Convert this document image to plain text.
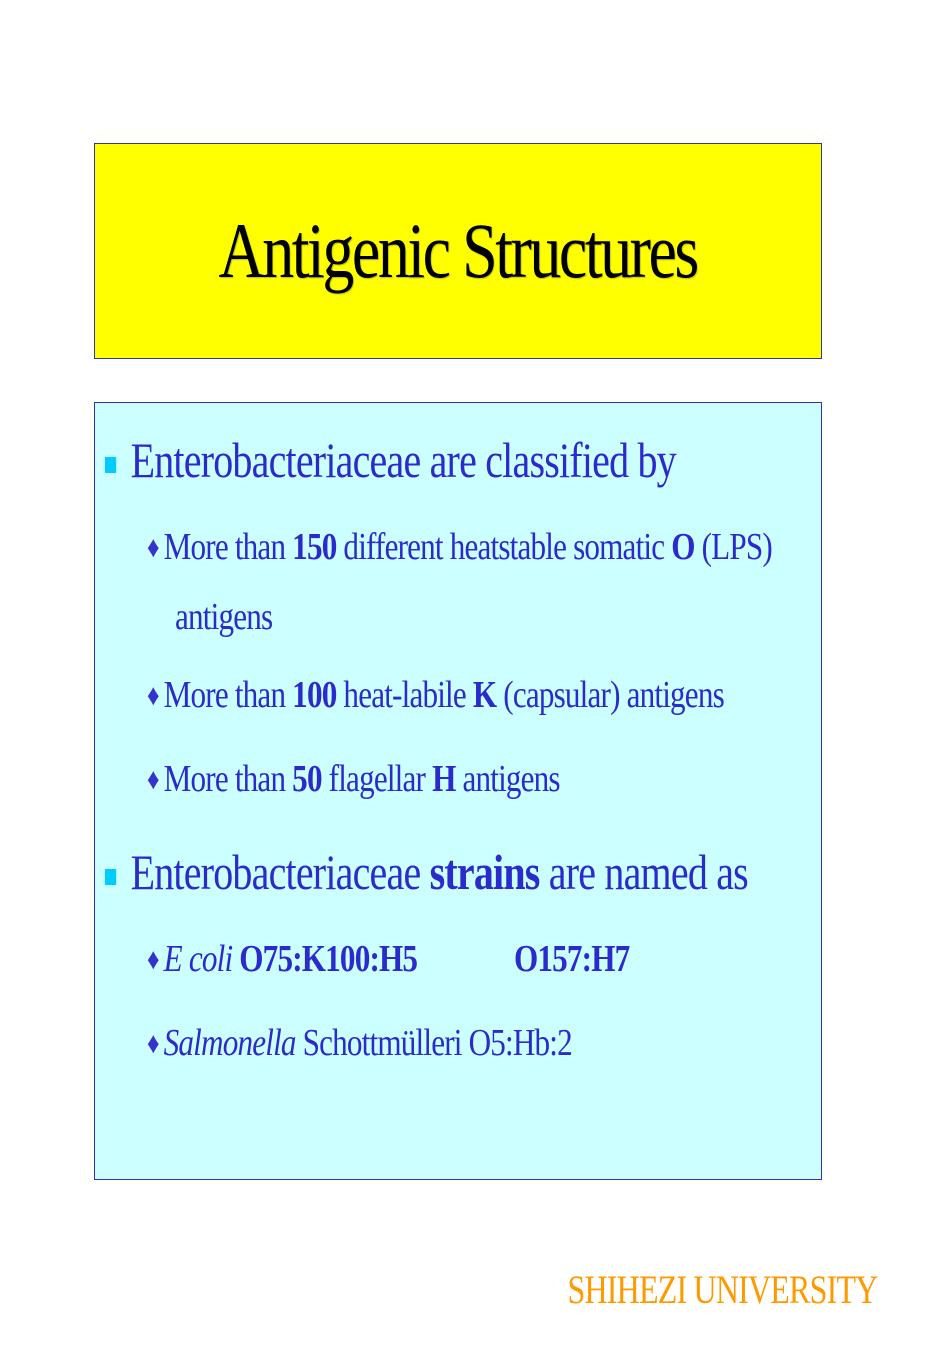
Antigenic Structures
Enterobacteriaceae are classified by
♦ More than 150 different heatstable somatic O (LPS)
antigens
♦ More than 100 heat-labile K (capsular) antigens
♦ More than 50 flagellar H antigens
Enterobacteriaceae strains are named as
♦ E coli O75:K100:H5	O157:H7
♦ Salmonella Schottmülleri O5:Hb:2
SHIHEZI UNIVERSITY
